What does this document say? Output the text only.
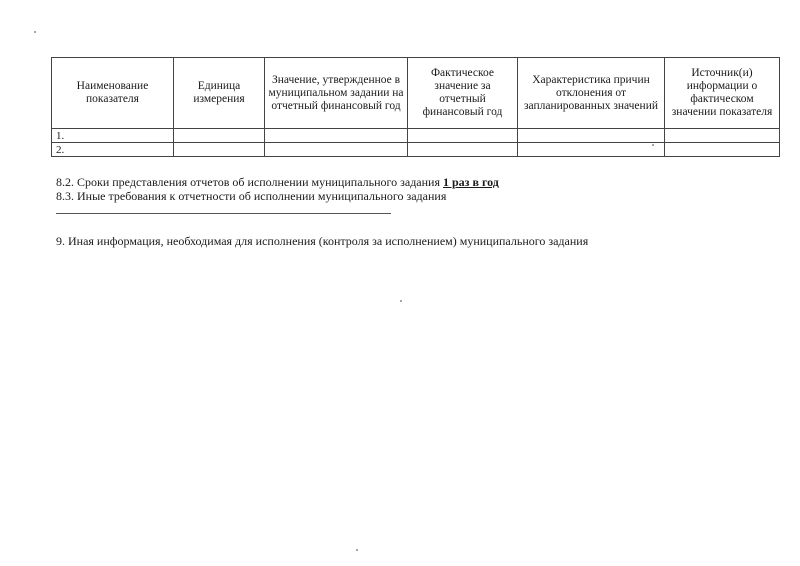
Наименование показателя	Единица измерения	Значение, утвержденное в муниципальном задании на отчетный финансовый год	Фактическое значение за отчетный финансовый год	Характеристика причин отклонения от запланированных значений	Источник(и) информации о фактическом значении показателя
1.					
2.					
8.2. Сроки представления отчетов об исполнении муниципального задания 1 раз в год
8.3. Иные требования к отчетности об исполнении муниципального задания
9. Иная информация, необходимая для исполнения (контроля за исполнением) муниципального задания
